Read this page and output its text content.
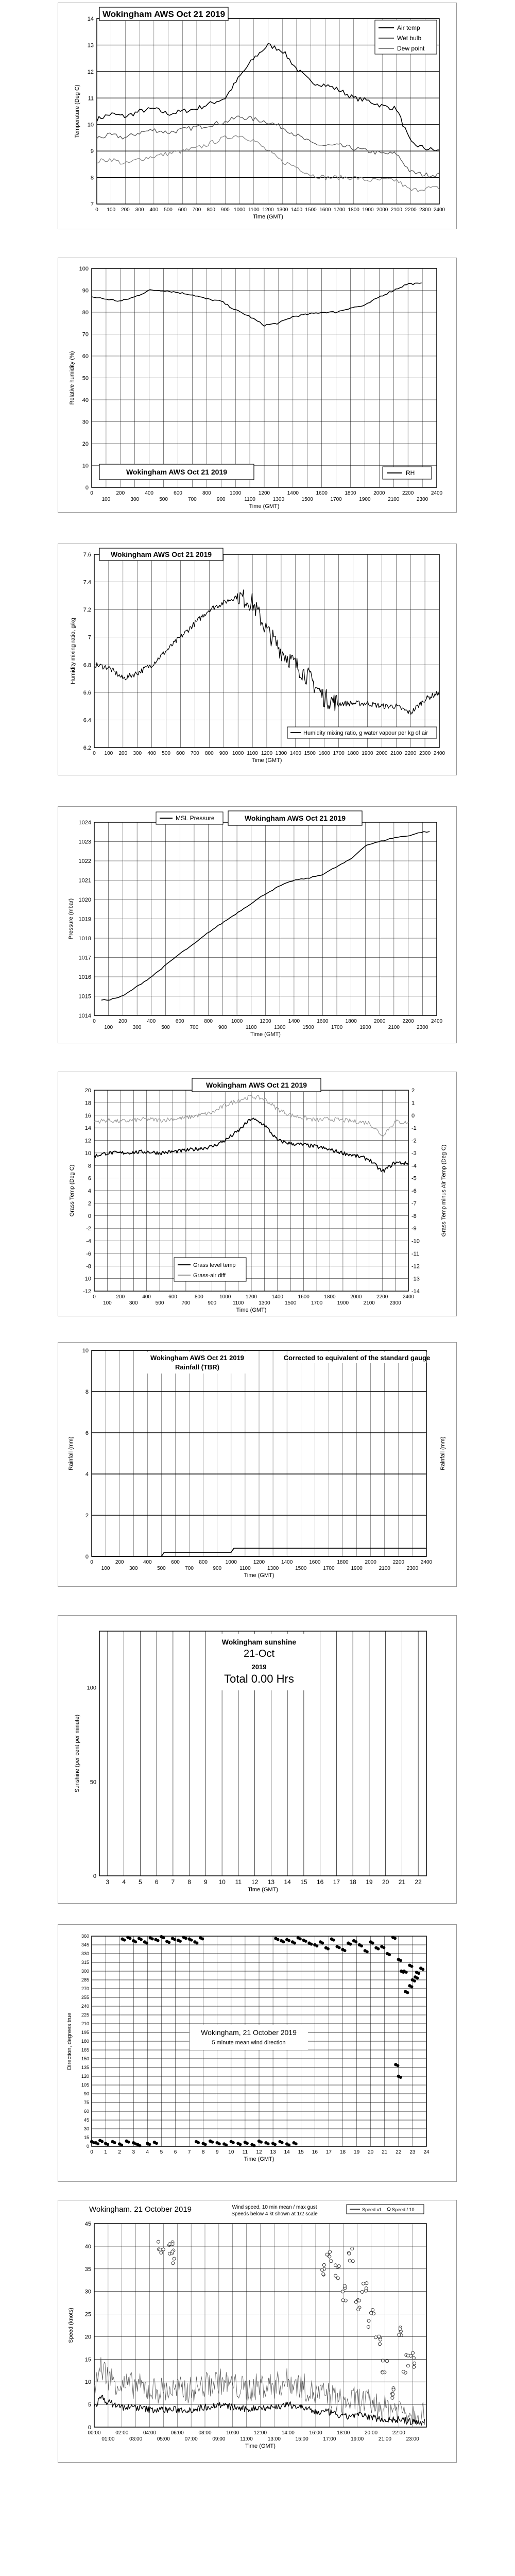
7
8
9
10
11
12
13
14
0 100 200 300 400 500 600 700 800 900 1000 1100 1200 1300 1400 1500 1600 1700 1800 1900 2000 2100 2200 2300 2400
Temperature (Deg C)
Time (GMT)
Wokingham AWS Oct 21 2019
Air temp
Wet bulb
Dew point
0
10
20
30
40
50
60
70
80
90
100
0	200	400	600	800	1000	1200	1400	1600	1800	2000	2200	2400
100	300	500	700	900	1100	1300	1500	1700	1900	2100	2300
Relative humidity (%)
Time (GMT)
Wokingham AWS Oct 21 2019	RH
6.2
6.4
6.6
6.8
7
7.2
7.4
7.6
0 100 200 300 400 500 600 700 800 900 1000 1100 1200 1300 1400 1500 1600 1700 1800 1900 2000 2100 2200 2300 2400
Humidity mixing ratio, g/kg
Time (GMT)
Wokingham AWS Oct 21 2019
Humidity mixing ratio, g water vapour per kg of air
1014
1015
1016
1017
1018
1019
1020
1021
1022
1023
1024
0	200	400	600	800	1000	1200	1400	1600	1800	2000	2200	2400
100	300	500	700	900	1100	1300	1500	1700	1900	2100	2300
Pressure (mbar)
Time (GMT)
MSL Pressure	Wokingham AWS Oct 21 2019
20
18
16
14
12
10
8
6
4
2
0
-2
-4
-6
-8
-10
-12
2
1
0
-1
-2
-3
-4
-5
-6
-7
-8
-9
-10
-11
-12
-13
-14
0	200	400	600	800	1000	1200	1400	1600	1800	2000	2200	2400
100	300	500	700	900	1100	1300	1500	1700	1900	2100	2300
Grass Temp (Deg C)	Grass Temp minus Air Temp (Deg C)
Time (GMT)
Wokingham AWS Oct 21 2019
Grass level temp
Grass-air diff
0
2
4
6
8
10
0	200	400	600	800	1000	1200	1400	1600	1800	2000	2200	2400
100	300	500	700	900	1100	1300	1500	1700	1900	2100	2300
Rainfall (mm)	Rainfall (mm)
Time (GMT)
Wokingham AWS Oct 21 2019
Rainfall (TBR)
Corrected to equivalent of the standard gauge
0
50
100
3 4 5 6 7 8 9 10 11 12 13 14 15 16 17 18 19 20 21 22
Sunshine (per cent per minute)
Time (GMT)
Wokingham sunshine
21-Oct
2019
Total 0.00 Hrs
0
15
30
45
60
75
90
105
120
135
150
165
180
195
210
225
240
255
270
285
300
315
330
345
360
0 1 2 3 4 5 6 7 8 9 10 11 12 13 14 15 16 17 18 19 20 21 22 23 24
Direction, degrees true
Time (GMT)
Wokingham, 21 October 2019
5 minute mean wind direction
0
5
10
15
20
25
30
35
40
45
00:00	02:00	04:00	06:00	08:00	10:00	12:00	14:00	16:00	18:00	20:00	22:00
01:00	03:00	05:00	07:00	09:00	11:00	13:00	15:00	17:00	19:00	21:00	23:00
Speed (knots)
Time (GMT)
Wokingham. 21 October 2019	Wind speed, 10 min mean / max gust
Speeds below 4 kt shown at 1/2 scale
Speed x1 Speed / 10
